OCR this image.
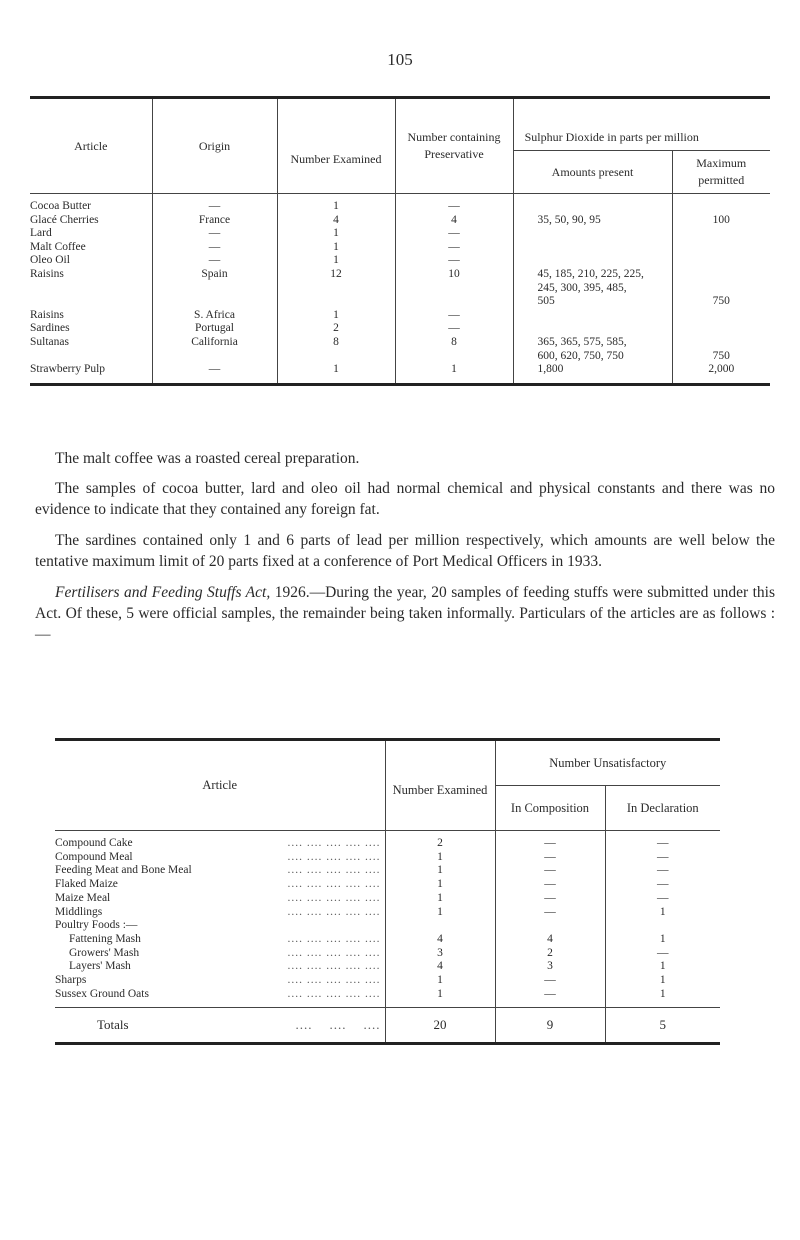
105
Article	Origin	Number Examined	Number containing Preservative	Sulphur Dioxide in parts per million	
				Amounts present	Maximum permitted
Cocoa Butter	—	1	—		
Glacé Cherries	France	4	4	35, 50, 90, 95	100
Lard	—	1	—		
Malt Coffee	—	1	—		
Oleo Oil	—	1	—		
Raisins	Spain	12	10	45, 185, 210, 225, 225,	
				245, 300, 395, 485,	
				505	750
Raisins	S. Africa	1	—		
Sardines	Portugal	2	—		
Sultanas	California	8	8	365, 365, 575, 585,	
				600, 620, 750, 750	750
Strawberry Pulp	—	1	1	1,800	2,000

The malt coffee was a roasted cereal preparation.

The samples of cocoa butter, lard and oleo oil had normal chemical and physical constants and there was no evidence to indicate that they contained any foreign fat.

The sardines contained only 1 and 6 parts of lead per million respectively, which amounts are well below the tentative maximum limit of 20 parts fixed at a conference of Port Medical Officers in 1933.

Fertilisers and Feeding Stuffs Act, 1926.—During the year, 20 samples of feeding stuffs were submitted under this Act. Of these, 5 were official samples, the remainder being taken informally. Particulars of the articles are as follows :—

Article	Number Examined	Number Unsatisfactory	
		In Composition	In Declaration
Compound Cake .... .... .... .... ....	2	—	—
Compound Meal .... .... .... .... ....	1	—	—
Feeding Meat and Bone Meal .... .... .... .... ....	1	—	—
Flaked Maize .... .... .... .... ....	1	—	—
Maize Meal .... .... .... .... ....	1	—	—
Middlings .... .... .... .... ....	1	—	1
Poultry Foods :—			
Fattening Mash .... .... .... .... ....	4	4	1
Growers' Mash .... .... .... .... ....	3	2	—
Layers' Mash .... .... .... .... ....	4	3	1
Sharps .... .... .... .... ....	1	—	1
Sussex Ground Oats .... .... .... .... ....	1	—	1
Totals ....    ....    ....	20	9	5
